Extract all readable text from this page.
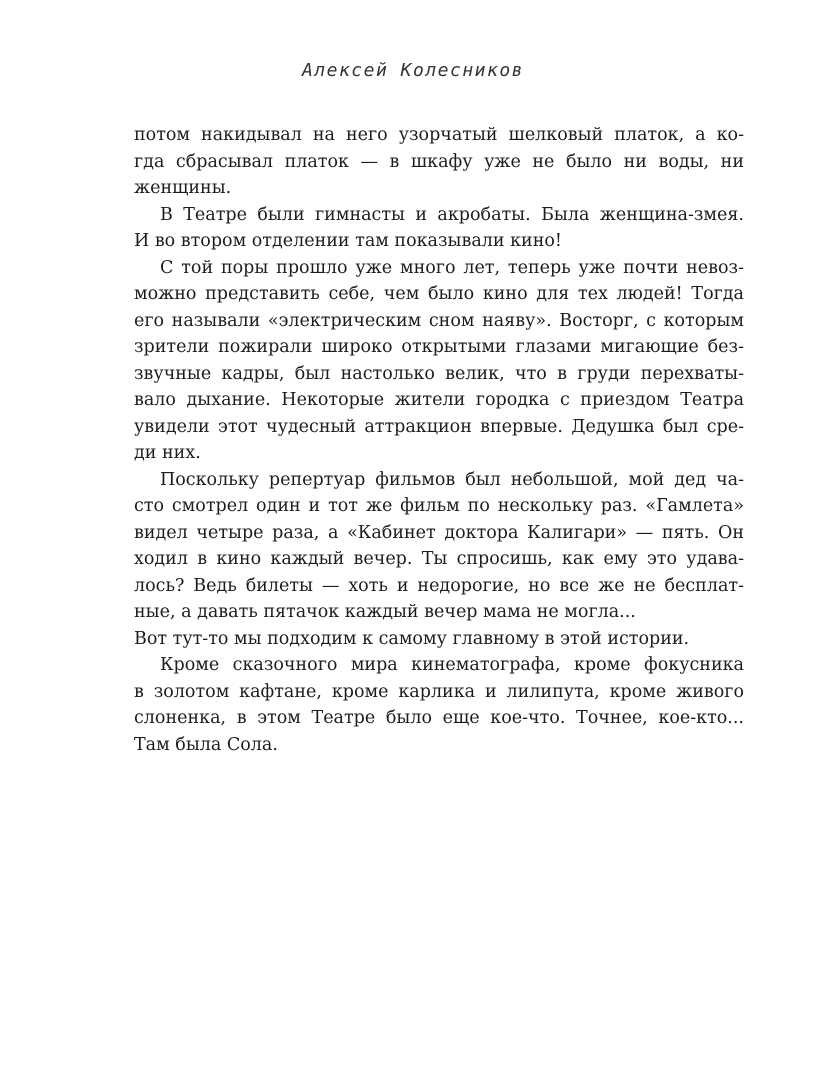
Алексей Колесников
потом накидывал на него узорчатый шелковый платок, а ко-
гда сбрасывал платок — в шкафу уже не было ни воды, ни
женщины.
В Театре были гимнасты и акробаты. Была женщина-змея.
И во втором отделении там показывали кино!
С той поры прошло уже много лет, теперь уже почти невоз-
можно представить себе, чем было кино для тех людей! Тогда
его называли «электрическим сном наяву». Восторг, с которым
зрители пожирали широко открытыми глазами мигающие без-
звучные кадры, был настолько велик, что в груди перехваты-
вало дыхание. Некоторые жители городка с приездом Театра
увидели этот чудесный аттракцион впервые. Дедушка был сре-
ди них.
Поскольку репертуар фильмов был небольшой, мой дед ча-
сто смотрел один и тот же фильм по нескольку раз. «Гамлета»
видел четыре раза, а «Кабинет доктора Калигари» — пять. Он
ходил в кино каждый вечер. Ты спросишь, как ему это удава-
лось? Ведь билеты — хоть и недорогие, но все же не бесплат-
ные, а давать пятачок каждый вечер мама не могла...
Вот тут-то мы подходим к самому главному в этой истории.
Кроме сказочного мира кинематографа, кроме фокусника
в золотом кафтане, кроме карлика и лилипута, кроме живого
слоненка, в этом Театре было еще кое-что. Точнее, кое-кто...
Там была Сола.
